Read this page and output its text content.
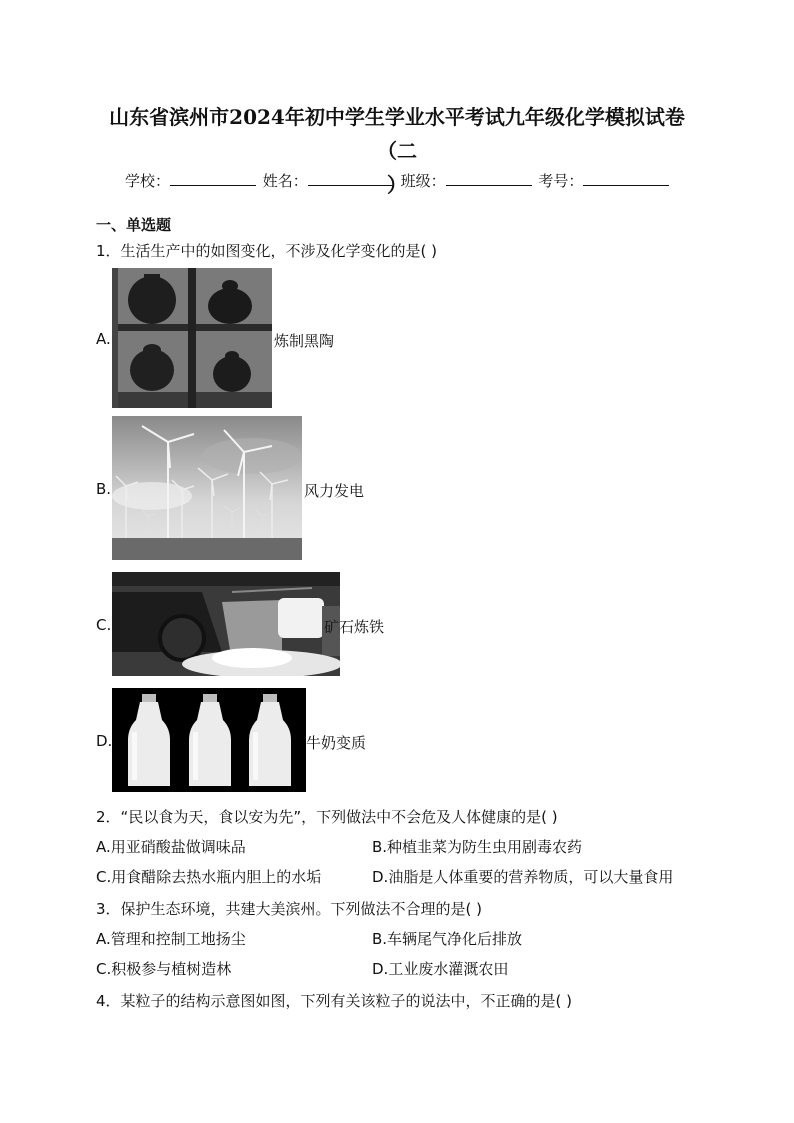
山东省滨州市2024年初中学生学业水平考试九年级化学模拟试卷（二
）
学校：	姓名：	班级：	考号：
一、单选题
1．生活生产中的如图变化，不涉及化学变化的是( )
A.	炼制黑陶
B.	风力发电
C.	矿石炼铁
D.	牛奶变质
2．“民以食为天，食以安为先”，下列做法中不会危及人体健康的是( )
A.用亚硝酸盐做调味品	B.种植韭菜为防生虫用剧毒农药
C.用食醋除去热水瓶内胆上的水垢	D.油脂是人体重要的营养物质，可以大量食用
3．保护生态环境，共建大美滨州。下列做法不合理的是( )
A.管理和控制工地扬尘	B.车辆尾气净化后排放
C.积极参与植树造林	D.工业废水灌溉农田
4．某粒子的结构示意图如图，下列有关该粒子的说法中，不正确的是( )
